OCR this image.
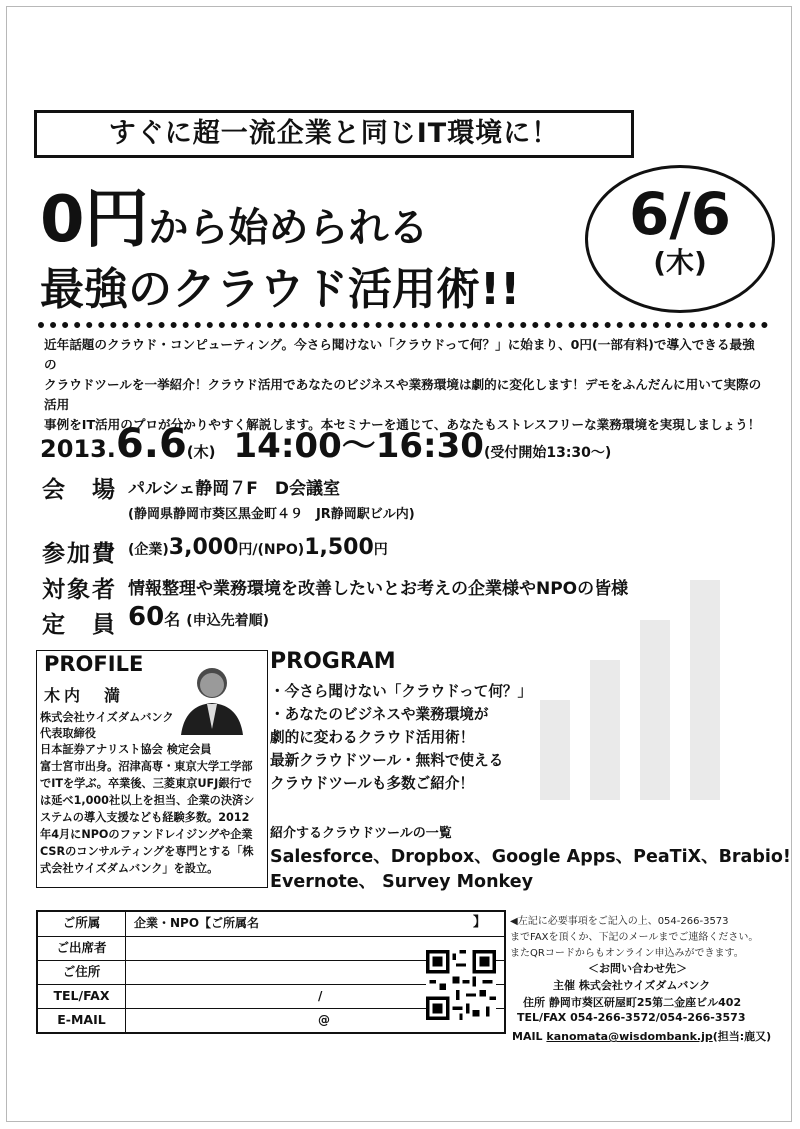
すぐに超一流企業と同じIT環境に！
0円から始められる
最強のクラウド活用術!!
6/6
(木)
近年話題のクラウド・コンピューティング。今さら聞けない「クラウドって何？」に始まり、0円(一部有料)で導入できる最強の
クラウドツールを一挙紹介！クラウド活用であなたのビジネスや業務環境は劇的に変化します！デモをふんだんに用いて実際の活用
事例をIT活用のプロが分かりやすく解説します。本セミナーを通じて、あなたもストレスフリーな業務環境を実現しましょう！
2013.6.6(木) 14:00〜16:30(受付開始13:30〜)
会　場 パルシェ静岡７F　D会議室
(静岡県静岡市葵区黒金町４９　JR静岡駅ビル内)
参加費 (企業)3,000円/(NPO)1,500円
対象者 情報整理や業務環境を改善したいとお考えの企業様やNPOの皆様
定　員 60名 (申込先着順)
PROFILE
木内　満
株式会社ウイズダムバンク
代表取締役
日本証券アナリスト協会 検定会員
富士宮市出身。沼津高専・東京大学工学部
でITを学ぶ。卒業後、三菱東京UFJ銀行で
は延べ1,000社以上を担当、企業の決済シ
ステムの導入支援なども経験多数。2012
年4月にNPOのファンドレイジングや企業
CSRのコンサルティングを専門とする「株
式会社ウイズダムバンク」を設立。
PROGRAM
・今さら聞けない「クラウドって何？」
・あなたのビジネスや業務環境が
劇的に変わるクラウド活用術！
最新クラウドツール・無料で使える
クラウドツールも多数ご紹介！
紹介するクラウドツールの一覧
Salesforce、Dropbox、Google Apps、PeaTiX、Brabio!
Evernote、 Survey Monkey
ご所属	企業・NPO【ご所属名	】
ご出席者
ご住所
TEL/FAX	/
E-MAIL	@
◀左記に必要事項をご記入の上、054-266-3573
までFAXを頂くか、下記のメールまでご連絡ください。
またQRコードからもオンライン申込みができます。
＜お問い合わせ先＞
主催 株式会社ウイズダムバンク
住所 静岡市葵区研屋町25第二金座ビル402
TEL/FAX 054-266-3572/054-266-3573
MAIL kanomata@wisdombank.jp(担当:鹿又)
